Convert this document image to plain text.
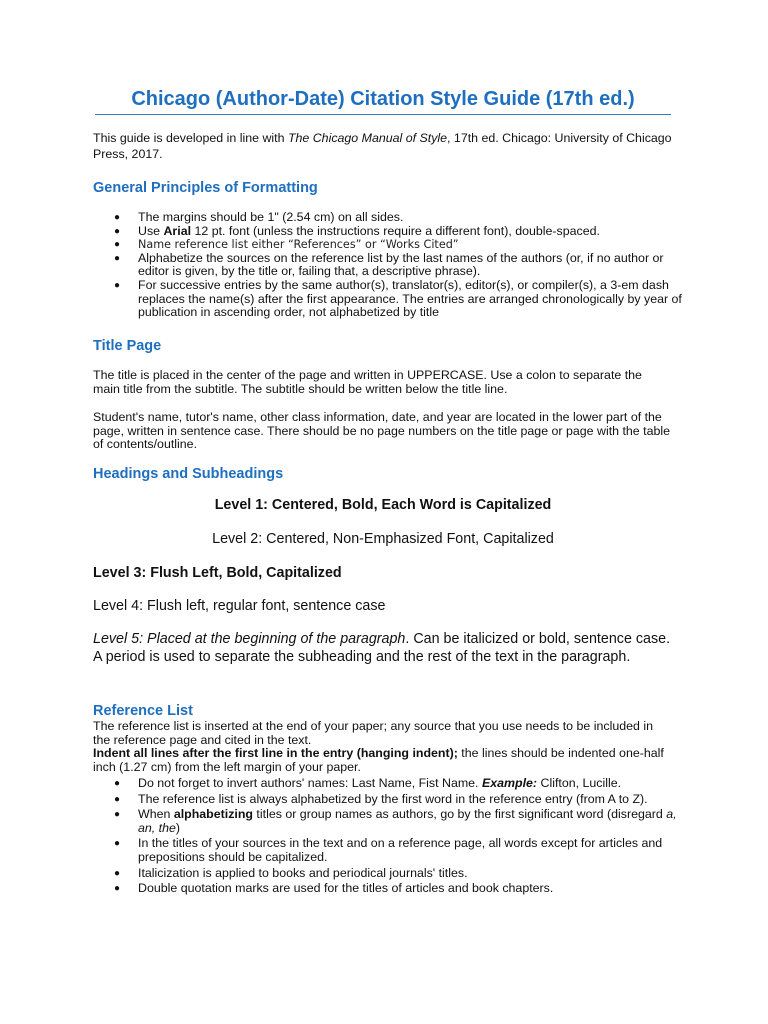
Chicago (Author-Date) Citation Style Guide (17th ed.)

This guide is developed in line with The Chicago Manual of Style, 17th ed. Chicago: University of Chicago Press, 2017.

General Principles of Formatting
● The margins should be 1" (2.54 cm) on all sides.
● Use Arial 12 pt. font (unless the instructions require a different font), double-spaced.
● Name reference list either “References” or “Works Cited”
● Alphabetize the sources on the reference list by the last names of the authors (or, if no author or editor is given, by the title or, failing that, a descriptive phrase).
● For successive entries by the same author(s), translator(s), editor(s), or compiler(s), a 3-em dash replaces the name(s) after the first appearance. The entries are arranged chronologically by year of publication in ascending order, not alphabetized by title
Title Page

The title is placed in the center of the page and written in UPPERCASE. Use a colon to separate the main title from the subtitle. The subtitle should be written below the title line.

Student's name, tutor's name, other class information, date, and year are located in the lower part of the page, written in sentence case. There should be no page numbers on the title page or page with the table of contents/outline.

Headings and Subheadings

Level 1: Centered, Bold, Each Word is Capitalized

Level 2: Centered, Non-Emphasized Font, Capitalized

Level 3: Flush Left, Bold, Capitalized

Level 4: Flush left, regular font, sentence case

Level 5: Placed at the beginning of the paragraph. Can be italicized or bold, sentence case. A period is used to separate the subheading and the rest of the text in the paragraph.

Reference List

The reference list is inserted at the end of your paper; any source that you use needs to be included in the reference page and cited in the text.

Indent all lines after the first line in the entry (hanging indent); the lines should be indented one-half inch (1.27 cm) from the left margin of your paper.

● Do not forget to invert authors' names: Last Name, Fist Name. Example: Clifton, Lucille.
● The reference list is always alphabetized by the first word in the reference entry (from A to Z).
● When alphabetizing titles or group names as authors, go by the first significant word (disregard a, an, the)
● In the titles of your sources in the text and on a reference page, all words except for articles and prepositions should be capitalized.
● Italicization is applied to books and periodical journals' titles.
● Double quotation marks are used for the titles of articles and book chapters.
